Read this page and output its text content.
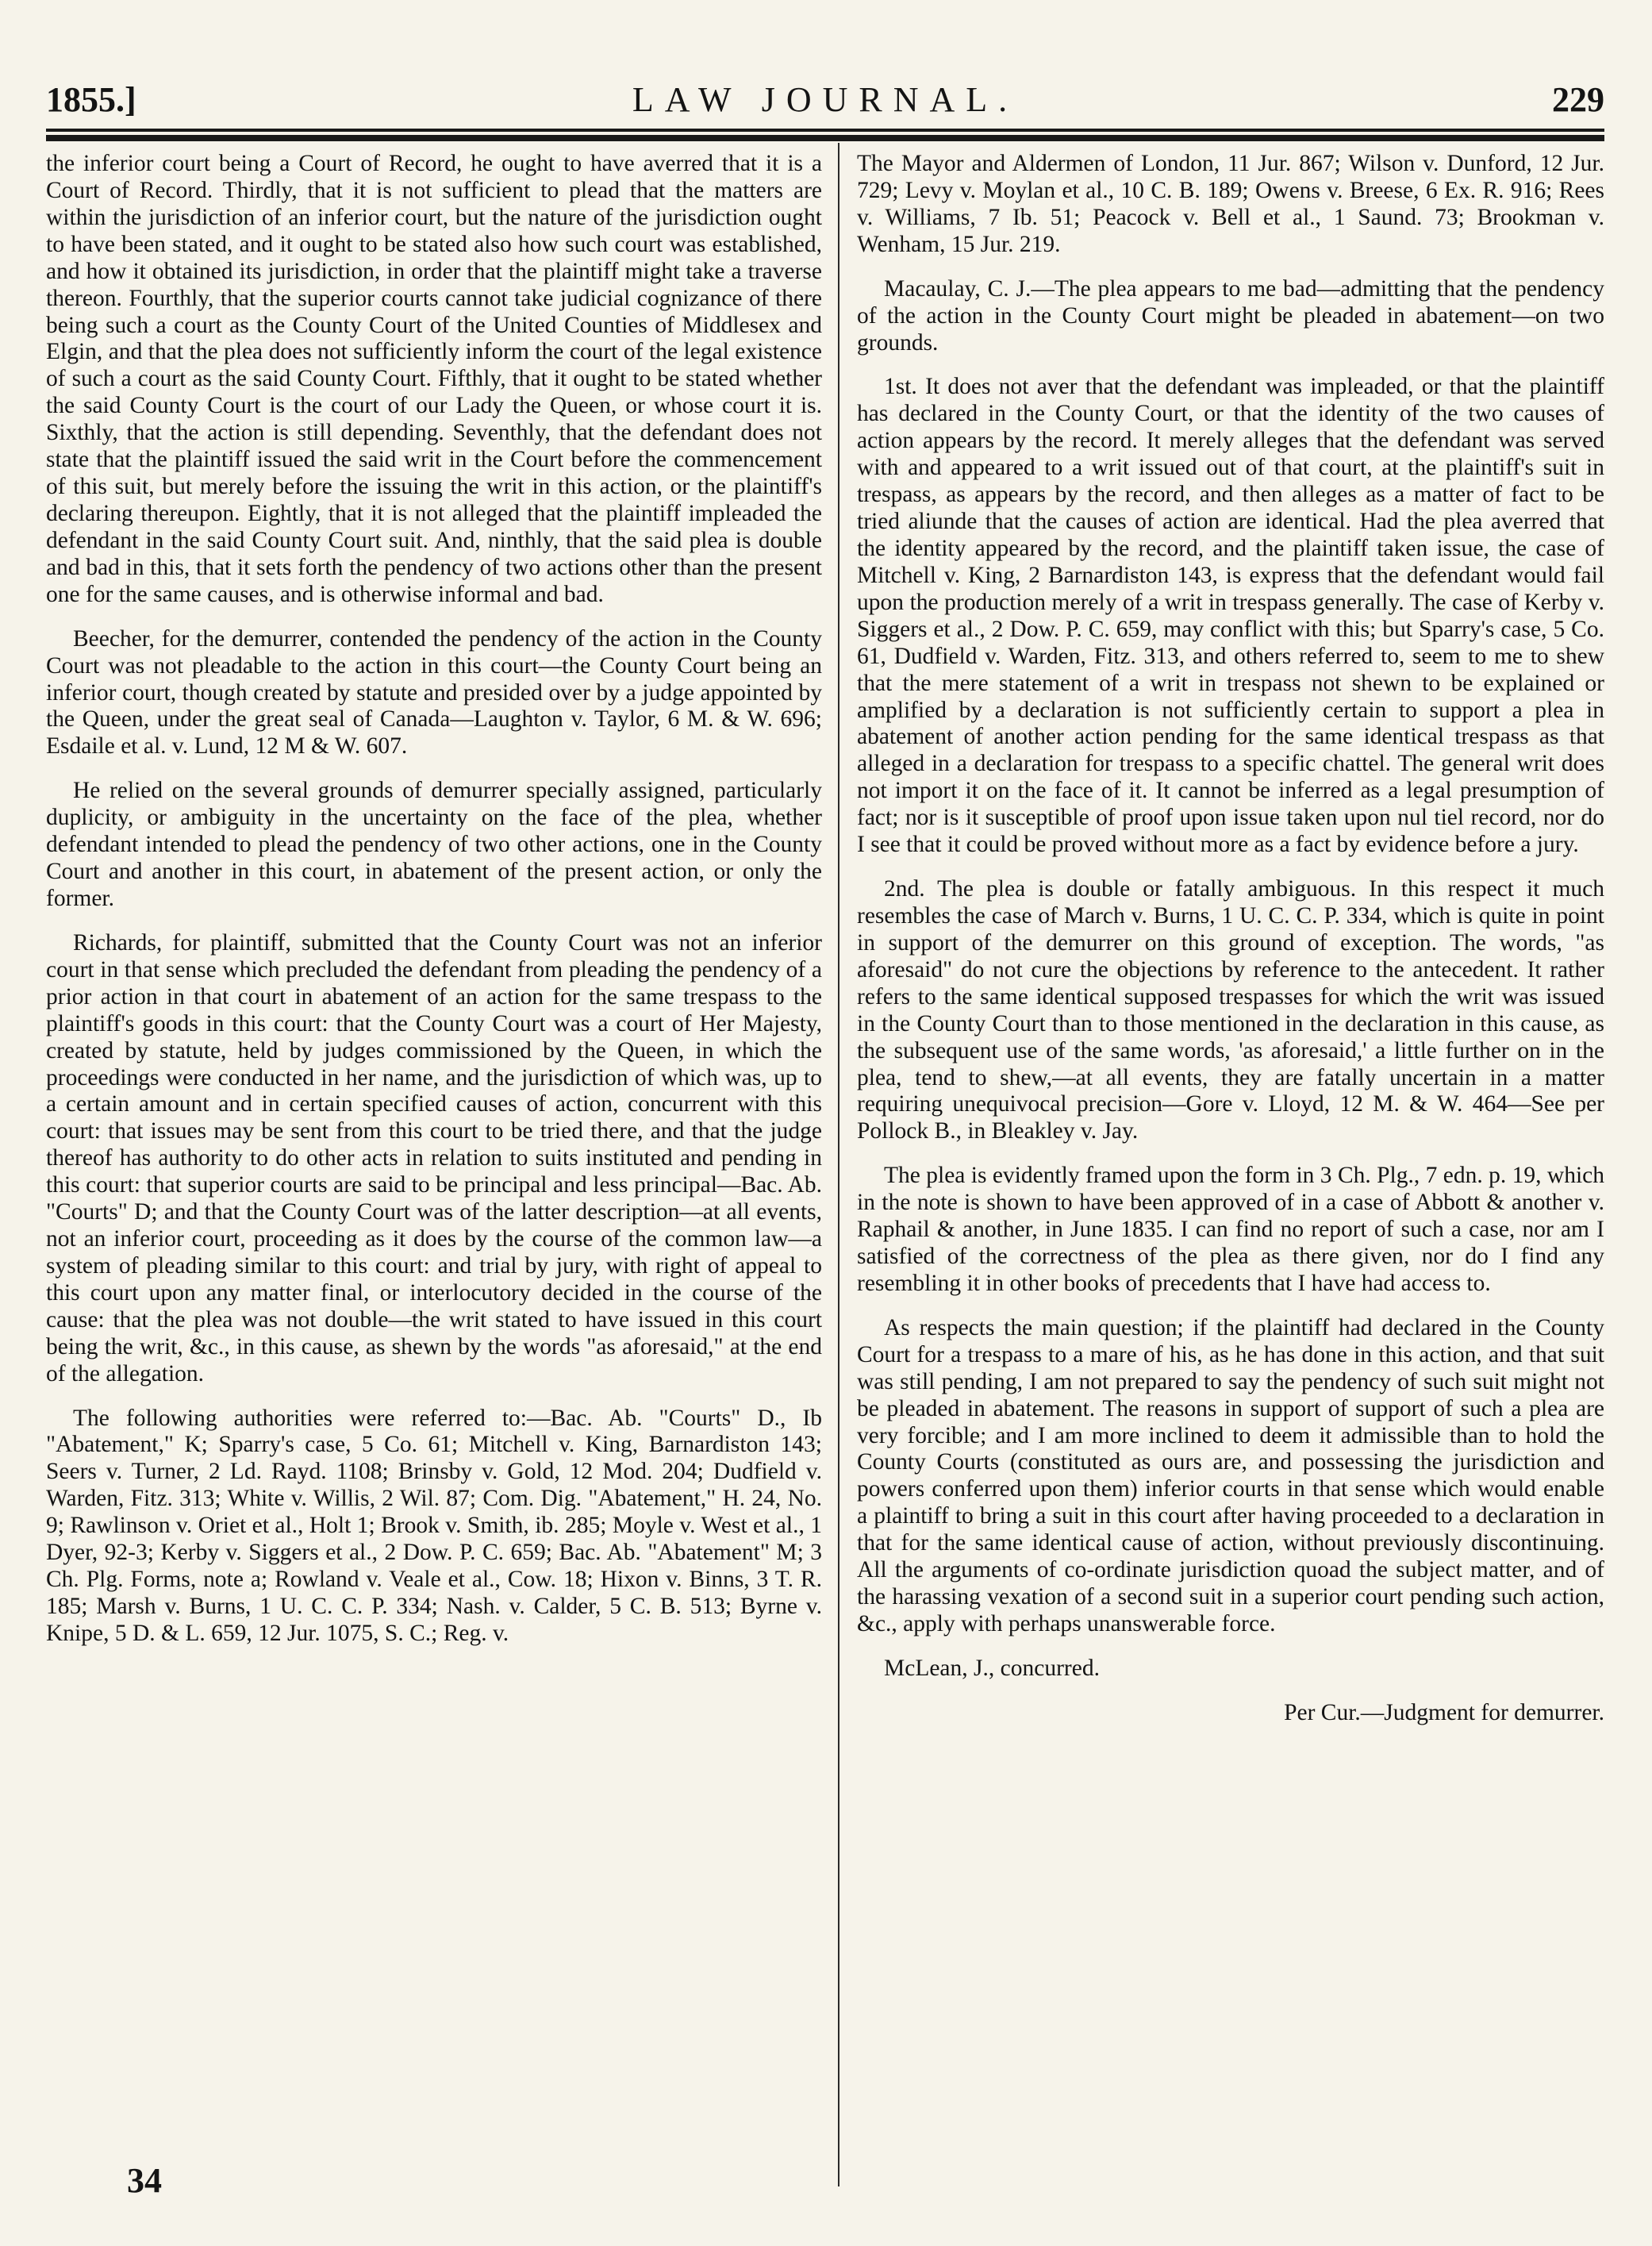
1855.]	LAW JOURNAL.	229

the inferior court being a Court of Record, he ought to have averred that it is a Court of Record. Thirdly, that it is not sufficient to plead that the matters are within the jurisdiction of an inferior court, but the nature of the jurisdiction ought to have been stated, and it ought to be stated also how such court was established, and how it obtained its jurisdiction, in order that the plaintiff might take a traverse thereon. Fourthly, that the superior courts cannot take judicial cognizance of there being such a court as the County Court of the United Counties of Middlesex and Elgin, and that the plea does not sufficiently inform the court of the legal existence of such a court as the said County Court. Fifthly, that it ought to be stated whether the said County Court is the court of our Lady the Queen, or whose court it is. Sixthly, that the action is still depending. Seventhly, that the defendant does not state that the plaintiff issued the said writ in the Court before the commencement of this suit, but merely before the issuing the writ in this action, or the plaintiff's declaring thereupon. Eightly, that it is not alleged that the plaintiff impleaded the defendant in the said County Court suit. And, ninthly, that the said plea is double and bad in this, that it sets forth the pendency of two actions other than the present one for the same causes, and is otherwise informal and bad.

Beecher, for the demurrer, contended the pendency of the action in the County Court was not pleadable to the action in this court—the County Court being an inferior court, though created by statute and presided over by a judge appointed by the Queen, under the great seal of Canada—Laughton v. Taylor, 6 M. & W. 696; Esdaile et al. v. Lund, 12 M & W. 607.

He relied on the several grounds of demurrer specially assigned, particularly duplicity, or ambiguity in the uncertainty on the face of the plea, whether defendant intended to plead the pendency of two other actions, one in the County Court and another in this court, in abatement of the present action, or only the former.

Richards, for plaintiff, submitted that the County Court was not an inferior court in that sense which precluded the defendant from pleading the pendency of a prior action in that court in abatement of an action for the same trespass to the plaintiff's goods in this court: that the County Court was a court of Her Majesty, created by statute, held by judges commissioned by the Queen, in which the proceedings were conducted in her name, and the jurisdiction of which was, up to a certain amount and in certain specified causes of action, concurrent with this court: that issues may be sent from this court to be tried there, and that the judge thereof has authority to do other acts in relation to suits instituted and pending in this court: that superior courts are said to be principal and less principal—Bac. Ab. "Courts" D; and that the County Court was of the latter description—at all events, not an inferior court, proceeding as it does by the course of the common law—a system of pleading similar to this court: and trial by jury, with right of appeal to this court upon any matter final, or interlocutory decided in the course of the cause: that the plea was not double—the writ stated to have issued in this court being the writ, &c., in this cause, as shewn by the words "as aforesaid," at the end of the allegation.

The following authorities were referred to:—Bac. Ab. "Courts" D., Ib "Abatement," K; Sparry's case, 5 Co. 61; Mitchell v. King, Barnardiston 143; Seers v. Turner, 2 Ld. Rayd. 1108; Brinsby v. Gold, 12 Mod. 204; Dudfield v. Warden, Fitz. 313; White v. Willis, 2 Wil. 87; Com. Dig. "Abatement," H. 24, No. 9; Rawlinson v. Oriet et al., Holt 1; Brook v. Smith, ib. 285; Moyle v. West et al., 1 Dyer, 92-3; Kerby v. Siggers et al., 2 Dow. P. C. 659; Bac. Ab. "Abatement" M; 3 Ch. Plg. Forms, note a; Rowland v. Veale et al., Cow. 18; Hixon v. Binns, 3 T. R. 185; Marsh v. Burns, 1 U. C. C. P. 334; Nash. v. Calder, 5 C. B. 513; Byrne v. Knipe, 5 D. & L. 659, 12 Jur. 1075, S. C.; Reg. v.

The Mayor and Aldermen of London, 11 Jur. 867; Wilson v. Dunford, 12 Jur. 729; Levy v. Moylan et al., 10 C. B. 189; Owens v. Breese, 6 Ex. R. 916; Rees v. Williams, 7 Ib. 51; Peacock v. Bell et al., 1 Saund. 73; Brookman v. Wenham, 15 Jur. 219.

Macaulay, C. J.—The plea appears to me bad—admitting that the pendency of the action in the County Court might be pleaded in abatement—on two grounds.

1st. It does not aver that the defendant was impleaded, or that the plaintiff has declared in the County Court, or that the identity of the two causes of action appears by the record. It merely alleges that the defendant was served with and appeared to a writ issued out of that court, at the plaintiff's suit in trespass, as appears by the record, and then alleges as a matter of fact to be tried aliunde that the causes of action are identical. Had the plea averred that the identity appeared by the record, and the plaintiff taken issue, the case of Mitchell v. King, 2 Barnardiston 143, is express that the defendant would fail upon the production merely of a writ in trespass generally. The case of Kerby v. Siggers et al., 2 Dow. P. C. 659, may conflict with this; but Sparry's case, 5 Co. 61, Dudfield v. Warden, Fitz. 313, and others referred to, seem to me to shew that the mere statement of a writ in trespass not shewn to be explained or amplified by a declaration is not sufficiently certain to support a plea in abatement of another action pending for the same identical trespass as that alleged in a declaration for trespass to a specific chattel. The general writ does not import it on the face of it. It cannot be inferred as a legal presumption of fact; nor is it susceptible of proof upon issue taken upon nul tiel record, nor do I see that it could be proved without more as a fact by evidence before a jury.

2nd. The plea is double or fatally ambiguous. In this respect it much resembles the case of March v. Burns, 1 U. C. C. P. 334, which is quite in point in support of the demurrer on this ground of exception. The words, "as aforesaid" do not cure the objections by reference to the antecedent. It rather refers to the same identical supposed trespasses for which the writ was issued in the County Court than to those mentioned in the declaration in this cause, as the subsequent use of the same words, 'as aforesaid,' a little further on in the plea, tend to shew,—at all events, they are fatally uncertain in a matter requiring unequivocal precision—Gore v. Lloyd, 12 M. & W. 464—See per Pollock B., in Bleakley v. Jay.

The plea is evidently framed upon the form in 3 Ch. Plg., 7 edn. p. 19, which in the note is shown to have been approved of in a case of Abbott & another v. Raphail & another, in June 1835. I can find no report of such a case, nor am I satisfied of the correctness of the plea as there given, nor do I find any resembling it in other books of precedents that I have had access to.

As respects the main question; if the plaintiff had declared in the County Court for a trespass to a mare of his, as he has done in this action, and that suit was still pending, I am not prepared to say the pendency of such suit might not be pleaded in abatement. The reasons in support of support of such a plea are very forcible; and I am more inclined to deem it admissible than to hold the County Courts (constituted as ours are, and possessing the jurisdiction and powers conferred upon them) inferior courts in that sense which would enable a plaintiff to bring a suit in this court after having proceeded to a declaration in that for the same identical cause of action, without previously discontinuing. All the arguments of co-ordinate jurisdiction quoad the subject matter, and of the harassing vexation of a second suit in a superior court pending such action, &c., apply with perhaps unanswerable force.

McLean, J., concurred.

Per Cur.—Judgment for demurrer.

34
